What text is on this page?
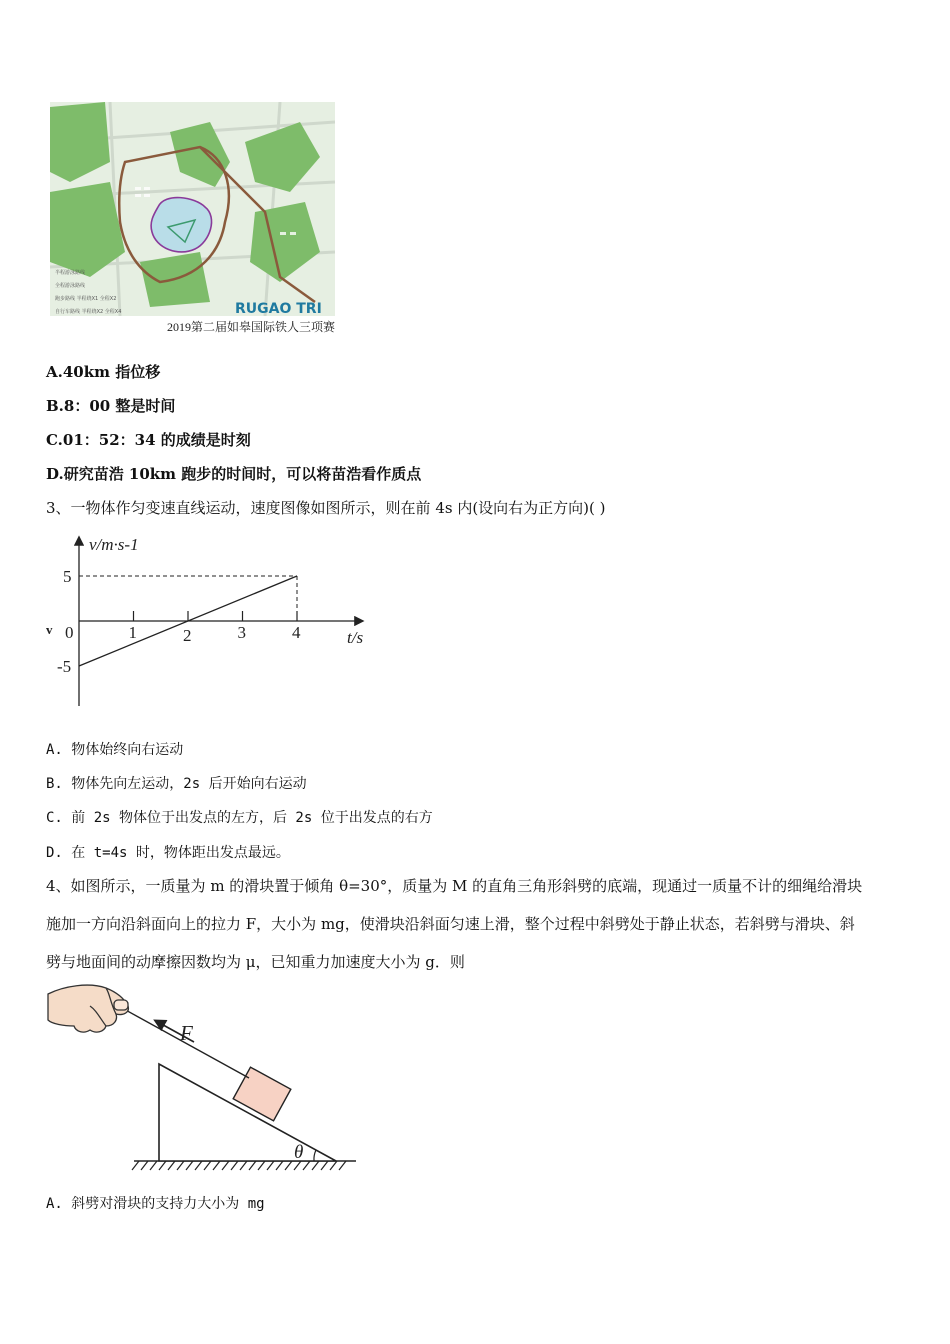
半程游泳路线
全程游泳路线
跑步路线 半程绕X1 全程X2
自行车路线 半程绕X2 全程X4	RUGAO TRI
2019第二届如皋国际铁人三项赛
A.40km 指位移
B.8：00 整是时间
C.01：52：34 的成绩是时刻
D.研究苗浩 10km 跑步的时间时，可以将苗浩看作质点
3、一物体作匀变速直线运动，速度图像如图所示，则在前 4s 内(设向右为正方向)( )
0	1	2	3	4
5
-5
v/m·s-1
t/s
v
A. 物体始终向右运动
B. 物体先向左运动，2s 后开始向右运动
C. 前 2s 物体位于出发点的左方，后 2s 位于出发点的右方
D. 在 t=4s 时，物体距出发点最远。
4、如图所示，一质量为 m 的滑块置于倾角 θ=30°，质量为 M 的直角三角形斜劈的底端，现通过一质量不计的细绳给滑块
施加一方向沿斜面向上的拉力 F，大小为 mg，使滑块沿斜面匀速上滑，整个过程中斜劈处于静止状态，若斜劈与滑块、斜
劈与地面间的动摩擦因数均为 μ，已知重力加速度大小为 g．则
θ
F
A. 斜劈对滑块的支持力大小为 mg
